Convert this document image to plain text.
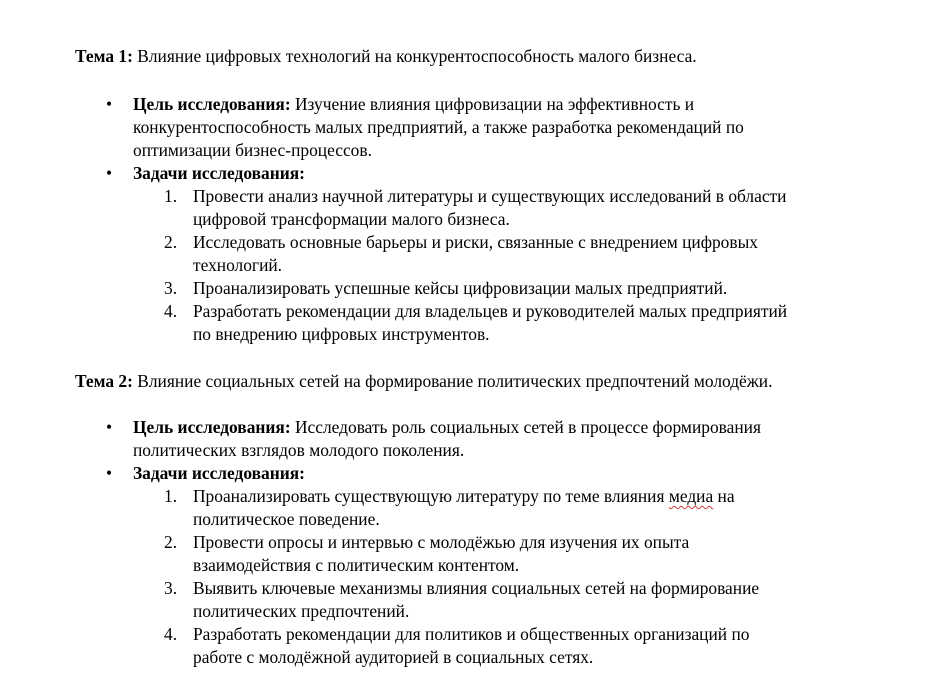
Тема 1: Влияние цифровых технологий на конкурентоспособность малого бизнеса.
• Цель исследования: Изучение влияния цифровизации на эффективность и
конкурентоспособность малых предприятий, а также разработка рекомендаций по
оптимизации бизнес-процессов.
• Задачи исследования:
1. Провести анализ научной литературы и существующих исследований в области
цифровой трансформации малого бизнеса.
2. Исследовать основные барьеры и риски, связанные с внедрением цифровых
технологий.
3. Проанализировать успешные кейсы цифровизации малых предприятий.
4. Разработать рекомендации для владельцев и руководителей малых предприятий
по внедрению цифровых инструментов.
Тема 2: Влияние социальных сетей на формирование политических предпочтений молодёжи.
• Цель исследования: Исследовать роль социальных сетей в процессе формирования
политических взглядов молодого поколения.
• Задачи исследования:
1. Проанализировать существующую литературу по теме влияния медиа на
политическое поведение.
2. Провести опросы и интервью с молодёжью для изучения их опыта
взаимодействия с политическим контентом.
3. Выявить ключевые механизмы влияния социальных сетей на формирование
политических предпочтений.
4. Разработать рекомендации для политиков и общественных организаций по
работе с молодёжной аудиторией в социальных сетях.
